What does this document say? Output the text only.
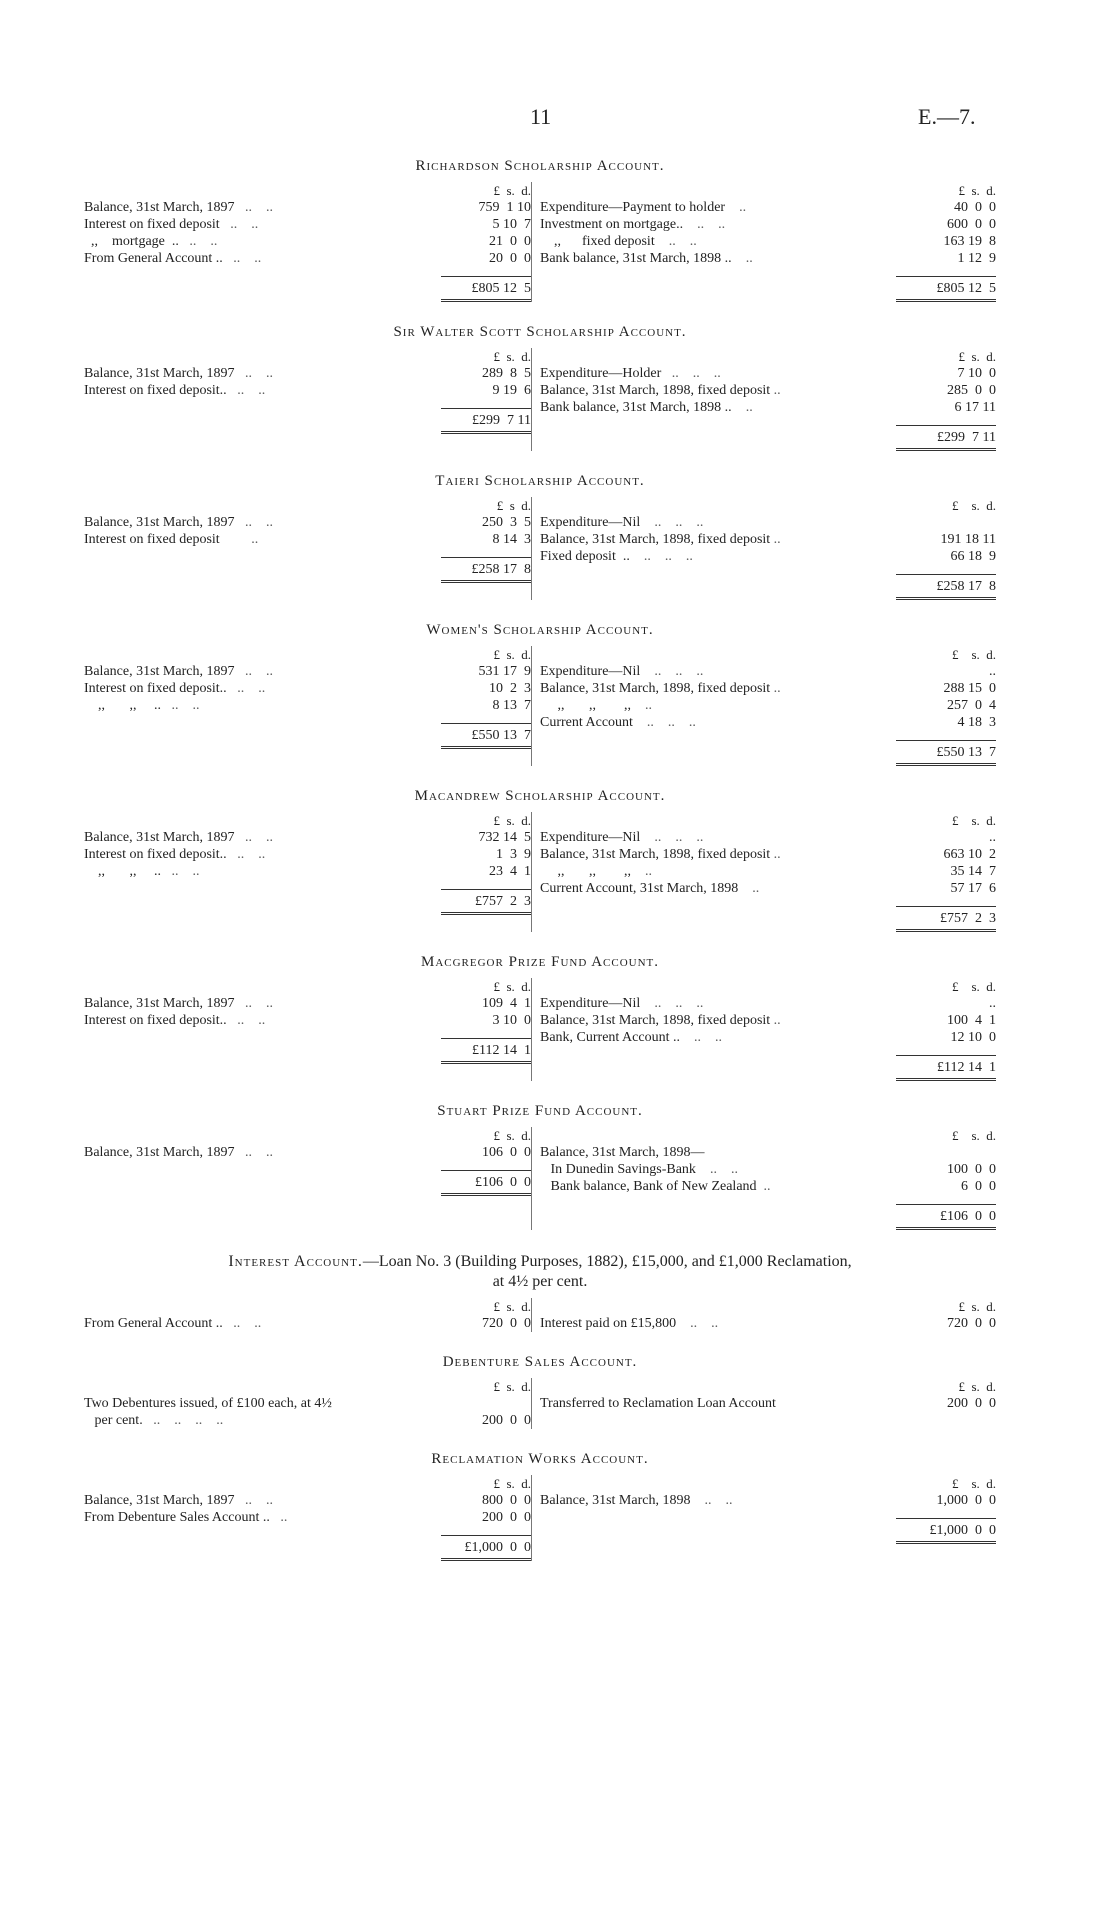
11	E.—7.
Richardson Scholarship Account.

Balance, 31st March, 1897   ..    ..
Interest on fixed deposit   ..    ..
,,    mortgage  ..   ..    ..
From General Account ..   ..    ..

£  s.  d.
759  1 10
5 10  7
21  0  0
20  0  0
£805 12  5

Expenditure—Payment to holder    ..
Investment on mortgage..    ..    ..
,,      fixed deposit    ..    ..
Bank balance, 31st March, 1898 ..    ..

£  s.  d.
40  0  0
600  0  0
163 19  8
1 12  9
£805 12  5
Sir Walter Scott Scholarship Account.

Balance, 31st March, 1897   ..    ..
Interest on fixed deposit..   ..    ..

£  s.  d.
289  8  5
9 19  6
£299  7 11

Expenditure—Holder   ..    ..    ..
Balance, 31st March, 1898, fixed deposit ..
Bank balance, 31st March, 1898 ..    ..

£  s.  d.
7 10  0
285  0  0
6 17 11
£299  7 11
Taieri Scholarship Account.

Balance, 31st March, 1897   ..    ..
Interest on fixed deposit         ..

£  s  d.
250  3  5
8 14  3
£258 17  8

Expenditure—Nil    ..    ..    ..
Balance, 31st March, 1898, fixed deposit ..
Fixed deposit  ..    ..    ..    ..

£    s.  d.

191 18 11
66 18  9
£258 17  8
Women's Scholarship Account.

Balance, 31st March, 1897   ..    ..
Interest on fixed deposit..   ..    ..
,,       ,,     ..   ..    ..

£  s.  d.
531 17  9
10  2  3
8 13  7
£550 13  7

Expenditure—Nil    ..    ..    ..
Balance, 31st March, 1898, fixed deposit ..
,,       ,,        ,,    ..
Current Account    ..    ..    ..

£    s.  d.
..
288 15  0
257  0  4
4 18  3
£550 13  7
Macandrew Scholarship Account.

Balance, 31st March, 1897   ..    ..
Interest on fixed deposit..   ..    ..
,,       ,,     ..   ..    ..

£  s.  d.
732 14  5
1  3  9
23  4  1
£757  2  3

Expenditure—Nil    ..    ..    ..
Balance, 31st March, 1898, fixed deposit ..
,,       ,,        ,,    ..
Current Account, 31st March, 1898    ..

£    s.  d.
..
663 10  2
35 14  7
57 17  6
£757  2  3
Macgregor Prize Fund Account.

Balance, 31st March, 1897   ..    ..
Interest on fixed deposit..   ..    ..

£  s.  d.
109  4  1
3 10  0
£112 14  1

Expenditure—Nil    ..    ..    ..
Balance, 31st March, 1898, fixed deposit ..
Bank, Current Account ..    ..    ..

£    s.  d.
..
100  4  1
12 10  0
£112 14  1
Stuart Prize Fund Account.

Balance, 31st March, 1897   ..    ..

£  s.  d.
106  0  0
£106  0  0

Balance, 31st March, 1898—
In Dunedin Savings-Bank    ..    ..
Bank balance, Bank of New Zealand  ..

£    s.  d.

100  0  0
6  0  0
£106  0  0
Interest Account.—Loan No. 3 (Building Purposes, 1882), £15,000, and £1,000 Reclamation,
at 4½ per cent.

From General Account ..   ..    ..
£  s.  d.
720  0  0
Interest paid on £15,800    ..    ..
£  s.  d.
720  0  0
Debenture Sales Account.

Two Debentures issued, of £100 each, at 4½
per cent.   ..    ..    ..    ..
£  s.  d.

200  0  0

Transferred to Reclamation Loan Account
£  s.  d.
200  0  0
Reclamation Works Account.

Balance, 31st March, 1897   ..    ..
From Debenture Sales Account ..   ..

£  s.  d.
800  0  0
200  0  0
£1,000  0  0

Balance, 31st March, 1898    ..    ..

£    s.  d.
1,000  0  0
£1,000  0  0
